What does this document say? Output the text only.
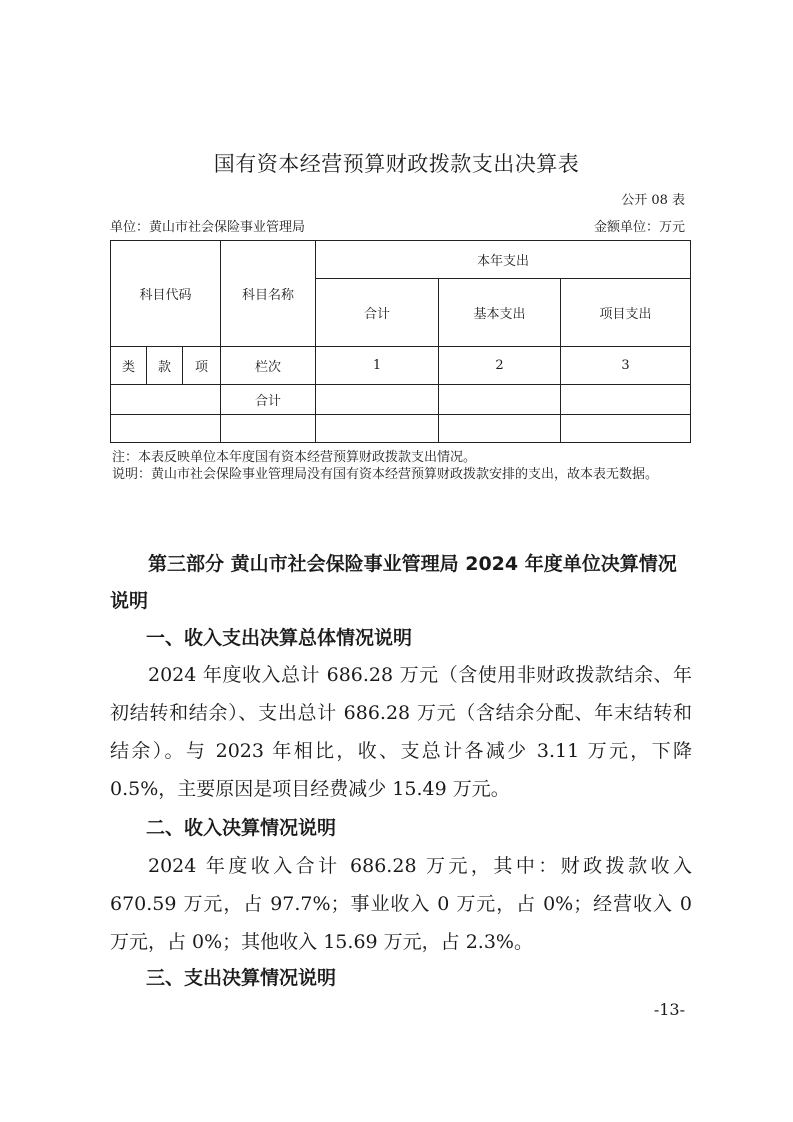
国有资本经营预算财政拨款支出决算表
公开 08 表
单位：黄山市社会保险事业管理局	金额单位：万元
科目代码			科目名称	本年支出		
				合计	基本支出	项目支出
类	款	项	栏次	1	2	3
			合计			

注：本表反映单位本年度国有资本经营预算财政拨款支出情况。
说明：黄山市社会保险事业管理局没有国有资本经营预算财政拨款安排的支出，故本表无数据。
第三部分 黄山市社会保险事业管理局 2024 年度单位决算情况说明
一、收入支出决算总体情况说明
2024 年度收入总计 686.28 万元（含使用非财政拨款结余、年初结转和结余）、支出总计 686.28 万元（含结余分配、年末结转和结余）。与 2023 年相比，收、支总计各减少 3.11 万元，下降 0.5%，主要原因是项目经费减少 15.49 万元。
二、收入决算情况说明
2024 年度收入合计 686.28 万元，其中：财政拨款收入 670.59 万元，占 97.7%；事业收入 0 万元，占 0%；经营收入 0 万元，占 0%；其他收入 15.69 万元，占 2.3%。
三、支出决算情况说明
-13-
